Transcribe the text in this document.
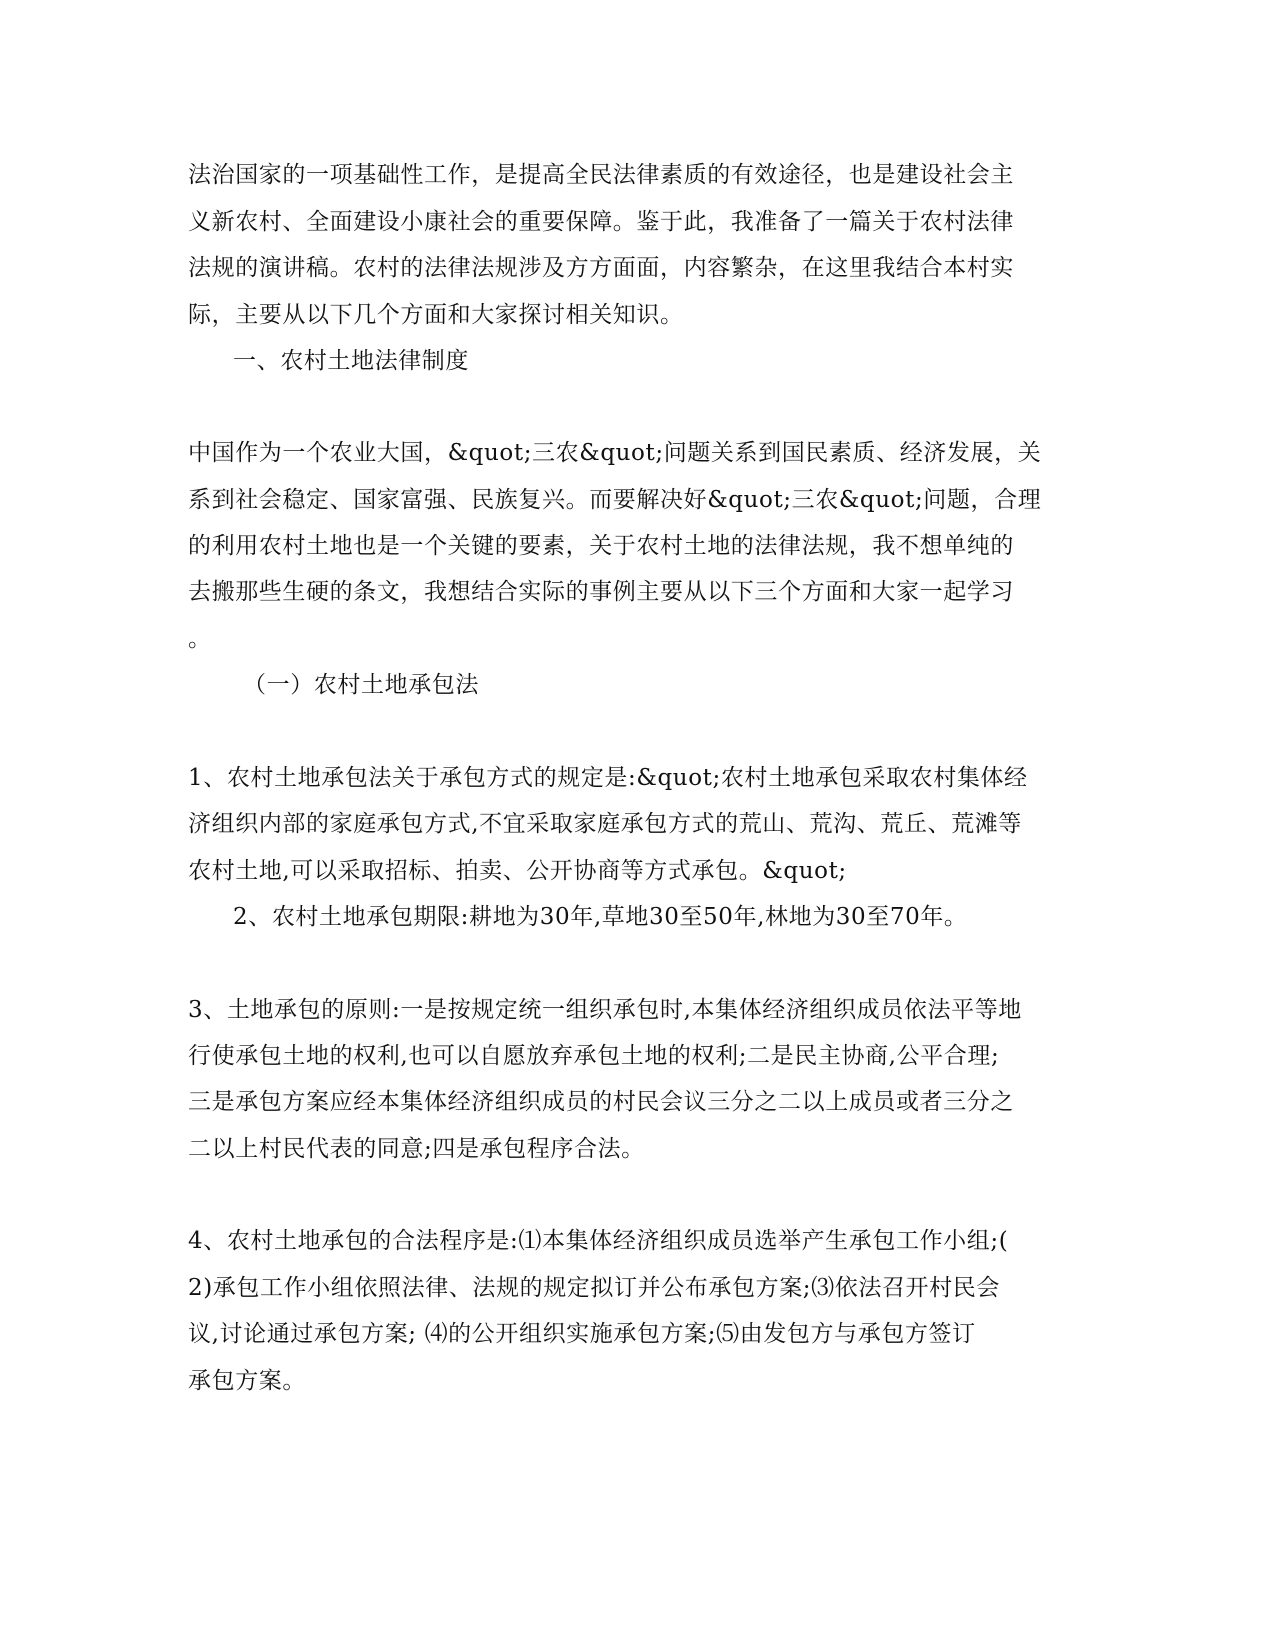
法治国家的一项基础性工作，是提高全民法律素质的有效途径，也是建设社会主
义新农村、全面建设小康社会的重要保障。鉴于此，我准备了一篇关于农村法律
法规的演讲稿。农村的法律法规涉及方方面面，内容繁杂，在这里我结合本村实
际，主要从以下几个方面和大家探讨相关知识。
一、农村土地法律制度
中国作为一个农业大国，&quot;三农&quot;问题关系到国民素质、经济发展，关
系到社会稳定、国家富强、民族复兴。而要解决好&quot;三农&quot;问题，合理
的利用农村土地也是一个关键的要素，关于农村土地的法律法规，我不想单纯的
去搬那些生硬的条文，我想结合实际的事例主要从以下三个方面和大家一起学习
。
（一）农村土地承包法
1、农村土地承包法关于承包方式的规定是:&quot;农村土地承包采取农村集体经
济组织内部的家庭承包方式,不宜采取家庭承包方式的荒山、荒沟、荒丘、荒滩等
农村土地,可以采取招标、拍卖、公开协商等方式承包。&quot;
2、农村土地承包期限:耕地为30年,草地30至50年,林地为30至70年。
3、土地承包的原则:一是按规定统一组织承包时,本集体经济组织成员依法平等地
行使承包土地的权利,也可以自愿放弃承包土地的权利;二是民主协商,公平合理;
三是承包方案应经本集体经济组织成员的村民会议三分之二以上成员或者三分之
二以上村民代表的同意;四是承包程序合法。
4、农村土地承包的合法程序是:⑴本集体经济组织成员选举产生承包工作小组;(
2)承包工作小组依照法律、法规的规定拟订并公布承包方案;⑶依法召开村民会
议,讨论通过承包方案; ⑷的公开组织实施承包方案;⑸由发包方与承包方签订
承包方案。
